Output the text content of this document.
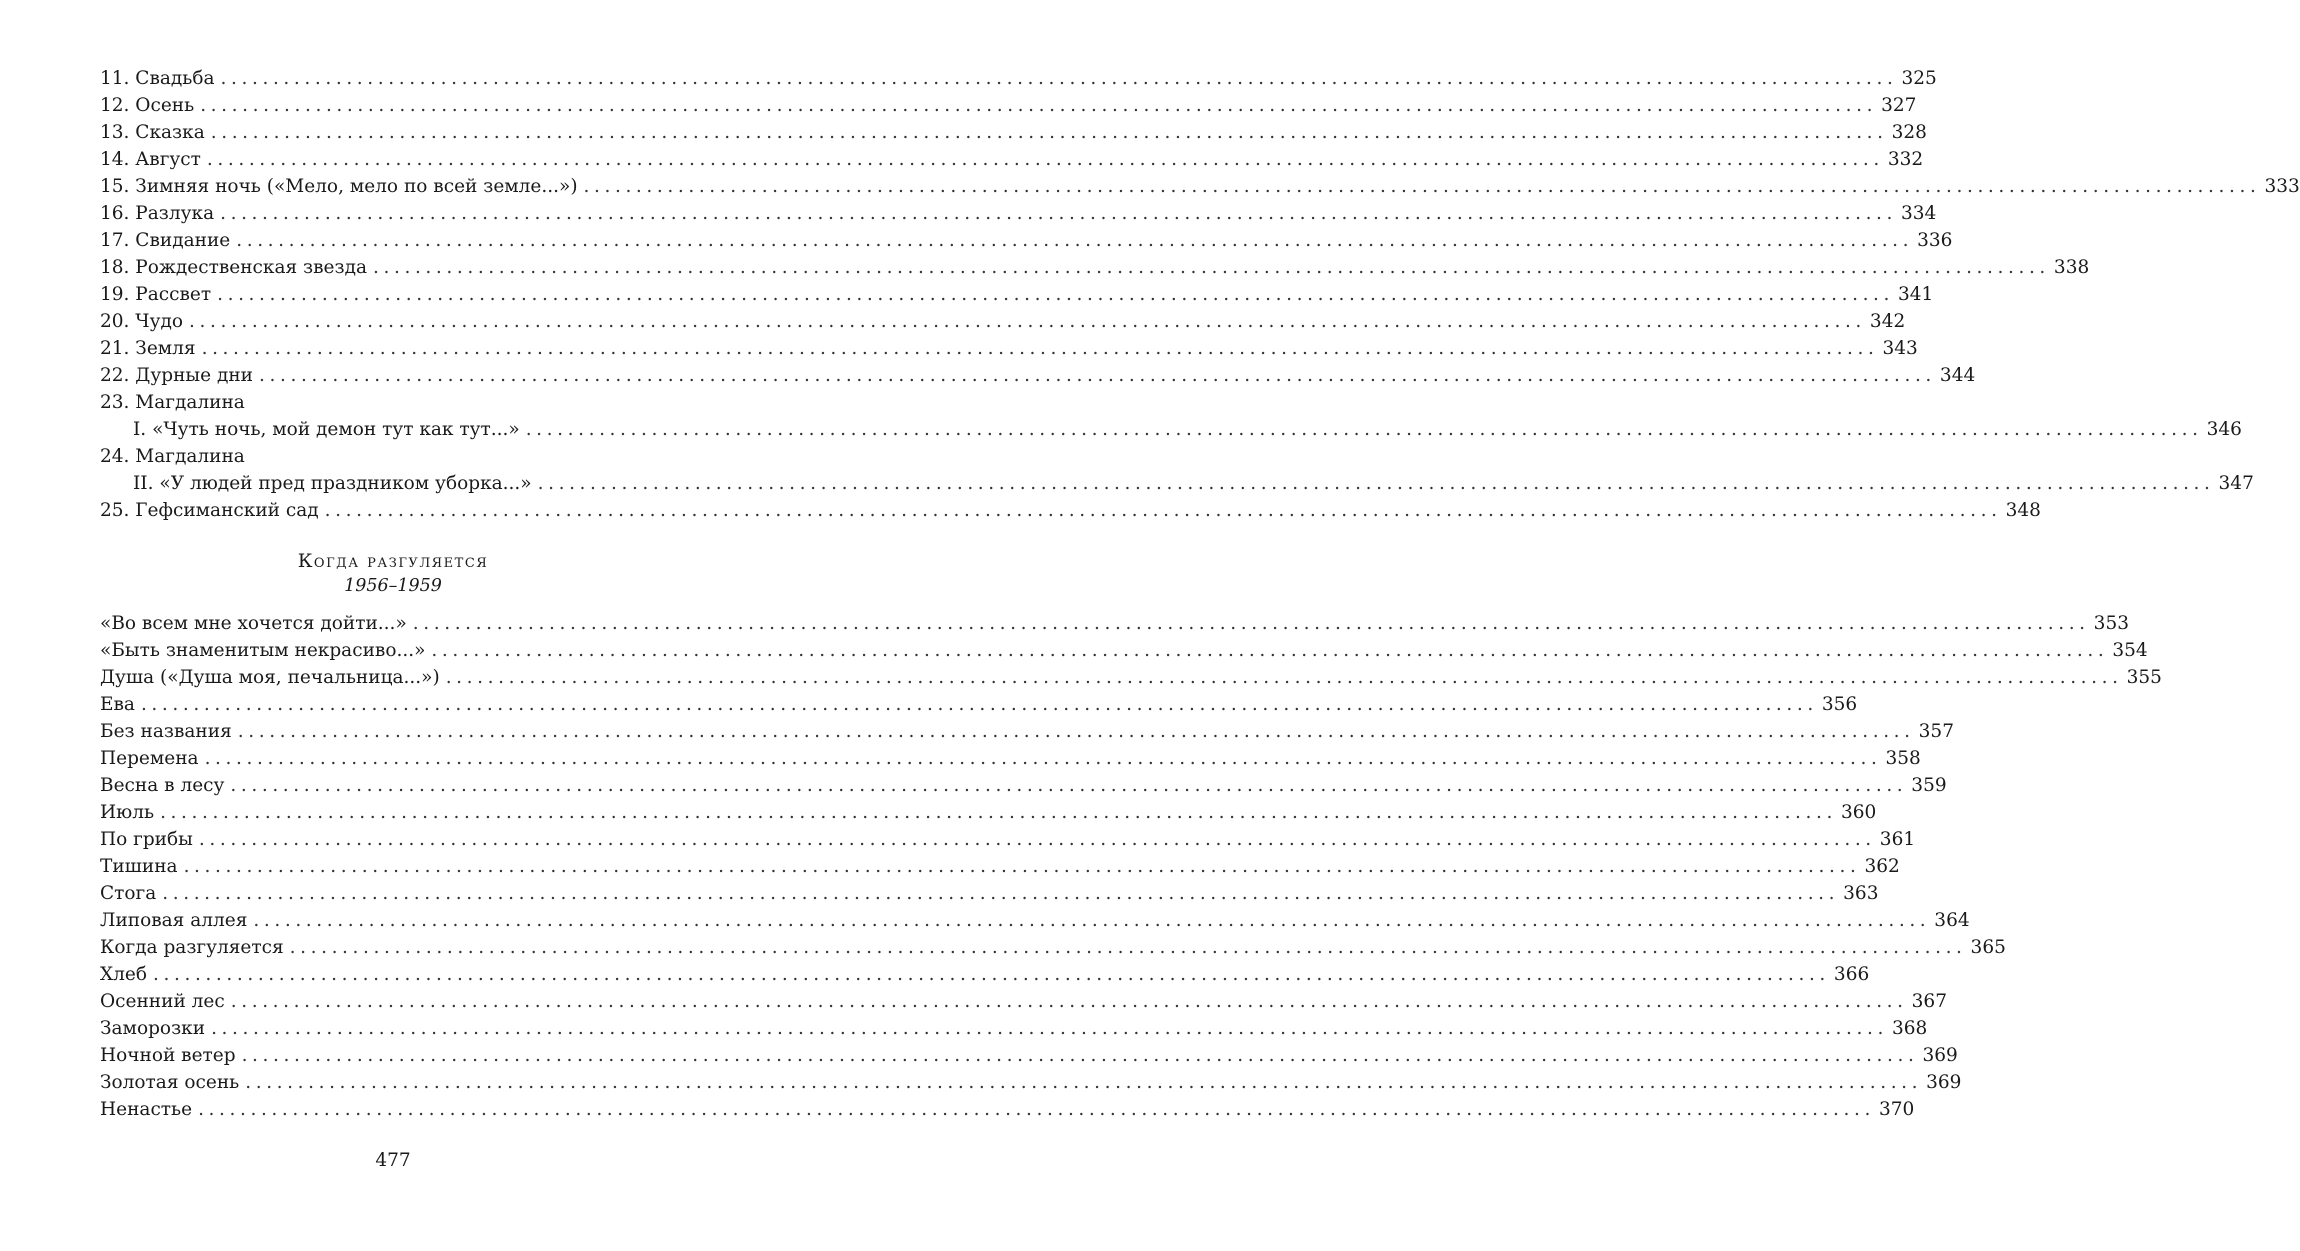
11. Свадьба ................................................................................................................................................................ 325
12. Осень ................................................................................................................................................................ 327
13. Сказка ................................................................................................................................................................ 328
14. Август ................................................................................................................................................................ 332
15. Зимняя ночь («Мело, мело по всей земле...») ................................................................................................................................................................ 333
16. Разлука ................................................................................................................................................................ 334
17. Свидание ................................................................................................................................................................ 336
18. Рождественская звезда ................................................................................................................................................................ 338
19. Рассвет ................................................................................................................................................................ 341
20. Чудо ................................................................................................................................................................ 342
21. Земля ................................................................................................................................................................ 343
22. Дурные дни ................................................................................................................................................................ 344
23. Магдалина
I. «Чуть ночь, мой демон тут как тут...» ................................................................................................................................................................ 346
24. Магдалина
II. «У людей пред праздником уборка...» ................................................................................................................................................................ 347
25. Гефсиманский сад ................................................................................................................................................................ 348
Когда разгуляется
1956–1959
«Во всем мне хочется дойти...» ................................................................................................................................................................ 353
«Быть знаменитым некрасиво...» ................................................................................................................................................................ 354
Душа («Душа моя, печальница...») ................................................................................................................................................................ 355
Ева ................................................................................................................................................................ 356
Без названия ................................................................................................................................................................ 357
Перемена ................................................................................................................................................................ 358
Весна в лесу ................................................................................................................................................................ 359
Июль ................................................................................................................................................................ 360
По грибы ................................................................................................................................................................ 361
Тишина ................................................................................................................................................................ 362
Стога ................................................................................................................................................................ 363
Липовая аллея ................................................................................................................................................................ 364
Когда разгуляется ................................................................................................................................................................ 365
Хлеб ................................................................................................................................................................ 366
Осенний лес ................................................................................................................................................................ 367
Заморозки ................................................................................................................................................................ 368
Ночной ветер ................................................................................................................................................................ 369
Золотая осень ................................................................................................................................................................ 369
Ненастье ................................................................................................................................................................ 370
477
